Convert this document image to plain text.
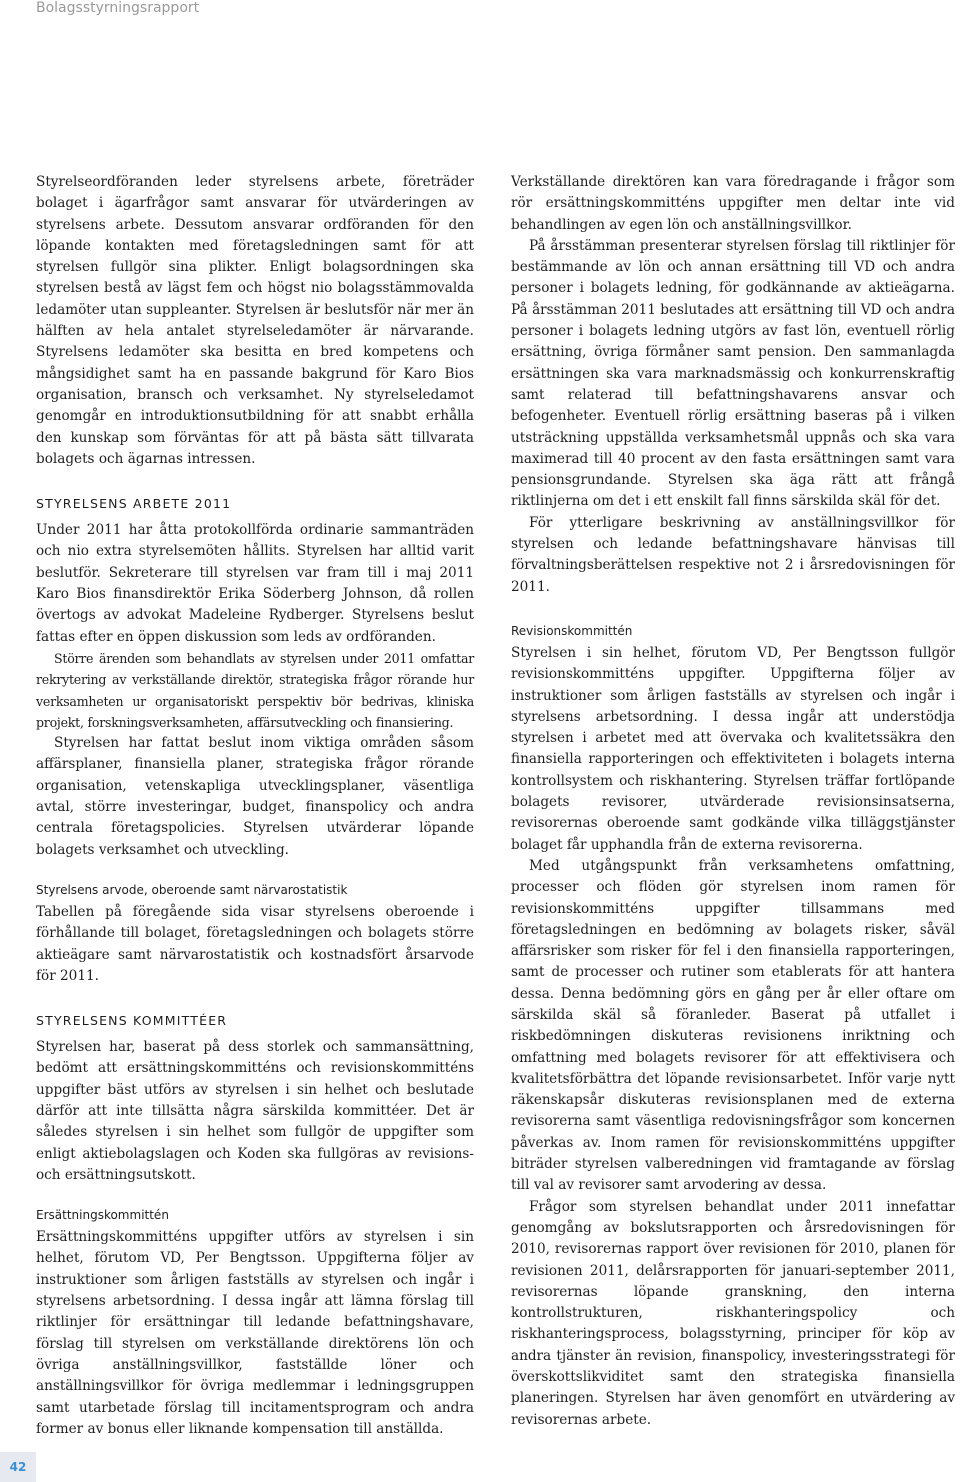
Bolagsstyrningsrapport

Styrelseordföranden leder styrelsens arbete, företräder bolaget i ägarfrågor samt ansvarar för utvärderingen av styrelsens arbete. Dessutom ansvarar ordföranden för den löpande kontakten med företagsledningen samt för att styrelsen fullgör sina plikter. Enligt bolagsordningen ska styrelsen bestå av lägst fem och högst nio bolagsstämmovalda ledamöter utan suppleanter. Styrelsen är beslutsför när mer än hälften av hela antalet styrelseledamöter är närvarande. Styrelsens ledamöter ska besitta en bred kompetens och mångsidighet samt ha en passande bakgrund för Karo Bios organisation, bransch och verksamhet. Ny styrelseledamot genomgår en introduktionsutbildning för att snabbt erhålla den kunskap som förväntas för att på bästa sätt tillvarata bolagets och ägarnas intressen.

STYRELSENS ARBETE 2011

Under 2011 har åtta protokollförda ordinarie sammanträden och nio extra styrelsemöten hållits. Styrelsen har alltid varit beslutför. Sekreterare till styrelsen var fram till i maj 2011 Karo Bios finansdirektör Erika Söderberg Johnson, då rollen övertogs av advokat Madeleine Rydberger. Styrelsens beslut fattas efter en öppen diskussion som leds av ordföranden.

Större ärenden som behandlats av styrelsen under 2011 omfattar rekrytering av verkställande direktör, strategiska frågor rörande hur verksamheten ur organisatoriskt perspektiv bör bedrivas, kliniska projekt, forskningsverksamheten, affärsutveckling och finansiering.

Styrelsen har fattat beslut inom viktiga områden såsom affärsplaner, finansiella planer, strategiska frågor rörande organisation, vetenskapliga utvecklingsplaner, väsentliga avtal, större investeringar, budget, finanspolicy och andra centrala företagspolicies. Styrelsen utvärderar löpande bolagets verksamhet och utveckling.

Styrelsens arvode, oberoende samt närvarostatistik

Tabellen på föregående sida visar styrelsens oberoende i förhållande till bolaget, företagsledningen och bolagets större aktieägare samt närvarostatistik och kostnadsfört årsarvode för 2011.

STYRELSENS KOMMITTÉER

Styrelsen har, baserat på dess storlek och sammansättning, bedömt att ersättningskommitténs och revisionskommitténs uppgifter bäst utförs av styrelsen i sin helhet och beslutade därför att inte tillsätta några särskilda kommittéer. Det är således styrelsen i sin helhet som fullgör de uppgifter som enligt aktiebolagslagen och Koden ska fullgöras av revisions- och ersättningsutskott.

Ersättningskommittén

Ersättningskommitténs uppgifter utförs av styrelsen i sin helhet, förutom VD, Per Bengtsson. Uppgifterna följer av instruktioner som årligen fastställs av styrelsen och ingår i styrelsens arbetsordning. I dessa ingår att lämna förslag till riktlinjer för ersättningar till ledande befattningshavare, förslag till styrelsen om verkställande direktörens lön och övriga anställningsvillkor, fastställde löner och anställningsvillkor för övriga medlemmar i ledningsgruppen samt utarbetade förslag till incitamentsprogram och andra former av bonus eller liknande kompensation till anställda.

Verkställande direktören kan vara föredragande i frågor som rör ersättningskommitténs uppgifter men deltar inte vid behandlingen av egen lön och anställningsvillkor.

På årsstämman presenterar styrelsen förslag till riktlinjer för bestämmande av lön och annan ersättning till VD och andra personer i bolagets ledning, för godkännande av aktieägarna. På årsstämman 2011 beslutades att ersättning till VD och andra personer i bolagets ledning utgörs av fast lön, eventuell rörlig ersättning, övriga förmåner samt pension. Den sammanlagda ersättningen ska vara marknadsmässig och konkurrenskraftig samt relaterad till befattningshavarens ansvar och befogenheter. Eventuell rörlig ersättning baseras på i vilken utsträckning uppställda verksamhetsmål uppnås och ska vara maximerad till 40 procent av den fasta ersättningen samt vara pensionsgrundande. Styrelsen ska äga rätt att frångå riktlinjerna om det i ett enskilt fall finns särskilda skäl för det.

För ytterligare beskrivning av anställningsvillkor för styrelsen och ledande befattningshavare hänvisas till förvaltningsberättelsen respektive not 2 i årsredovisningen för 2011.

Revisionskommittén

Styrelsen i sin helhet, förutom VD, Per Bengtsson fullgör revisionskommitténs uppgifter. Uppgifterna följer av instruktioner som årligen fastställs av styrelsen och ingår i styrelsens arbetsordning. I dessa ingår att understödja styrelsen i arbetet med att övervaka och kvalitetssäkra den finansiella rapporteringen och effektiviteten i bolagets interna kontrollsystem och riskhantering. Styrelsen träffar fortlöpande bolagets revisorer, utvärderade revisionsinsatserna, revisorernas oberoende samt godkände vilka tilläggstjänster bolaget får upphandla från de externa revisorerna.

Med utgångspunkt från verksamhetens omfattning, processer och flöden gör styrelsen inom ramen för revisionskommitténs uppgifter tillsammans med företagsledningen en bedömning av bolagets risker, såväl affärsrisker som risker för fel i den finansiella rapporteringen, samt de processer och rutiner som etablerats för att hantera dessa. Denna bedömning görs en gång per år eller oftare om särskilda skäl så föranleder. Baserat på utfallet i riskbedömningen diskuteras revisionens inriktning och omfattning med bolagets revisorer för att effektivisera och kvalitetsförbättra det löpande revisionsarbetet. Inför varje nytt räkenskapsår diskuteras revisionsplanen med de externa revisorerna samt väsentliga redovisningsfrågor som koncernen påverkas av. Inom ramen för revisionskommitténs uppgifter biträder styrelsen valberedningen vid framtagande av förslag till val av revisorer samt arvodering av dessa.

Frågor som styrelsen behandlat under 2011 innefattar genomgång av bokslutsrapporten och årsredovisningen för 2010, revisorernas rapport över revisionen för 2010, planen för revisionen 2011, delårsrapporten för januari-september 2011, revisorernas löpande granskning, den interna kontrollstrukturen, riskhanteringspolicy och riskhanteringsprocess, bolagsstyrning, principer för köp av andra tjänster än revision, finanspolicy, investeringsstrategi för överskottslikviditet samt den strategiska finansiella planeringen. Styrelsen har även genomfört en utvärdering av revisorernas arbete.

42
